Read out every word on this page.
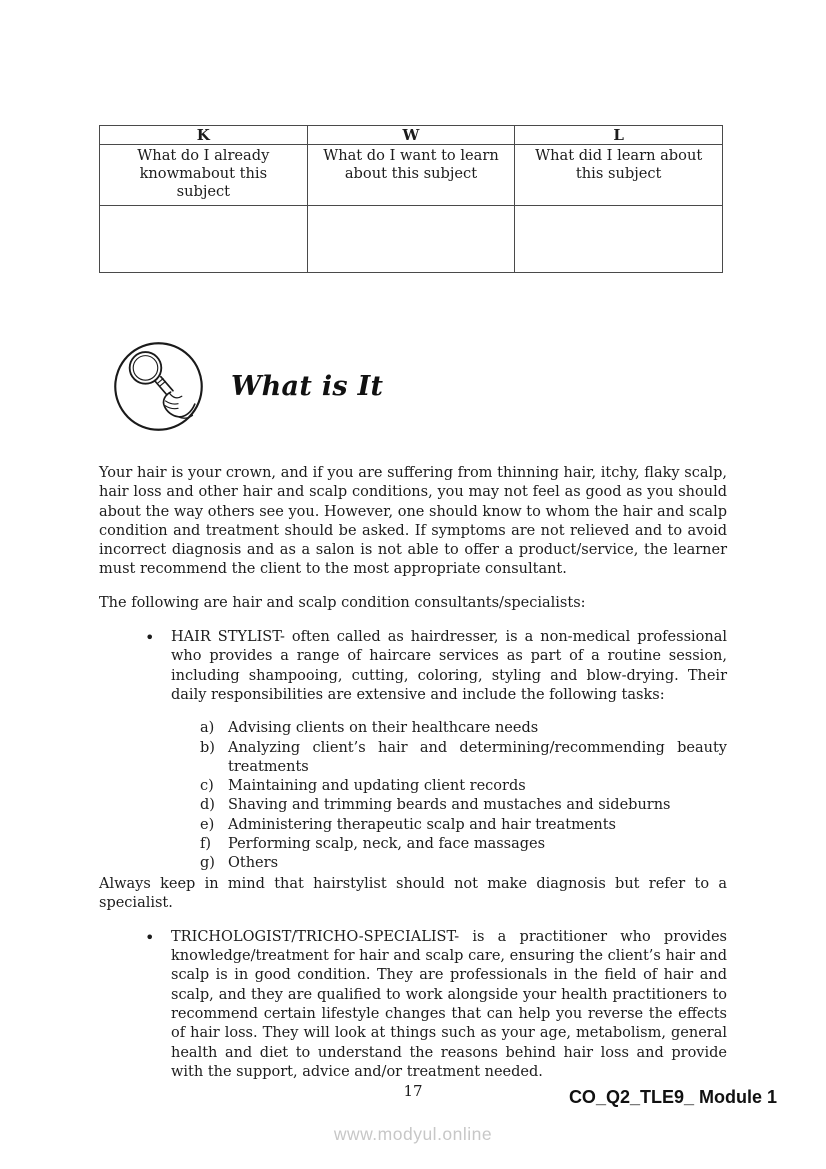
K	W	L
What do I already knowmabout this subject	What do I want to learn about this subject	What did I learn about this subject

What is It

Your hair is your crown, and if you are suffering from thinning hair, itchy, flaky scalp, hair loss and other hair and scalp conditions, you may not feel as good as you should about the way others see you. However, one should know to whom the hair and scalp condition and treatment should be asked. If symptoms are not relieved and to avoid incorrect diagnosis and as a salon is not able to offer a product/service, the learner must recommend the client to the most appropriate consultant.

The following are hair and scalp condition consultants/specialists:

•
HAIR STYLIST- often called as hairdresser, is a non-medical professional who provides a range of haircare services as part of a routine session, including shampooing, cutting, coloring, styling and blow-drying. Their daily responsibilities are extensive and include the following tasks:
a) Advising clients on their healthcare needs
b) Analyzing client’s hair and determining/recommending beauty treatments
c) Maintaining and updating client records
d) Shaving and trimming beards and mustaches and sideburns
e) Administering therapeutic scalp and hair treatments
f)	Performing scalp, neck, and face massages
g) Others

Always keep in mind that hairstylist should not make diagnosis but refer to a specialist.

•
TRICHOLOGIST/TRICHO-SPECIALIST- is a practitioner who provides knowledge/treatment for hair and scalp care, ensuring the client’s hair and scalp is in good condition. They are professionals in the field of hair and scalp, and they are qualified to work alongside your health practitioners to recommend certain lifestyle changes that can help you reverse the effects of hair loss. They will look at things such as your age, metabolism, general health and diet to understand the reasons behind hair loss and provide with the support, advice and/or treatment needed.
17	CO_Q2_TLE9_ Module 1
www.modyul.online
